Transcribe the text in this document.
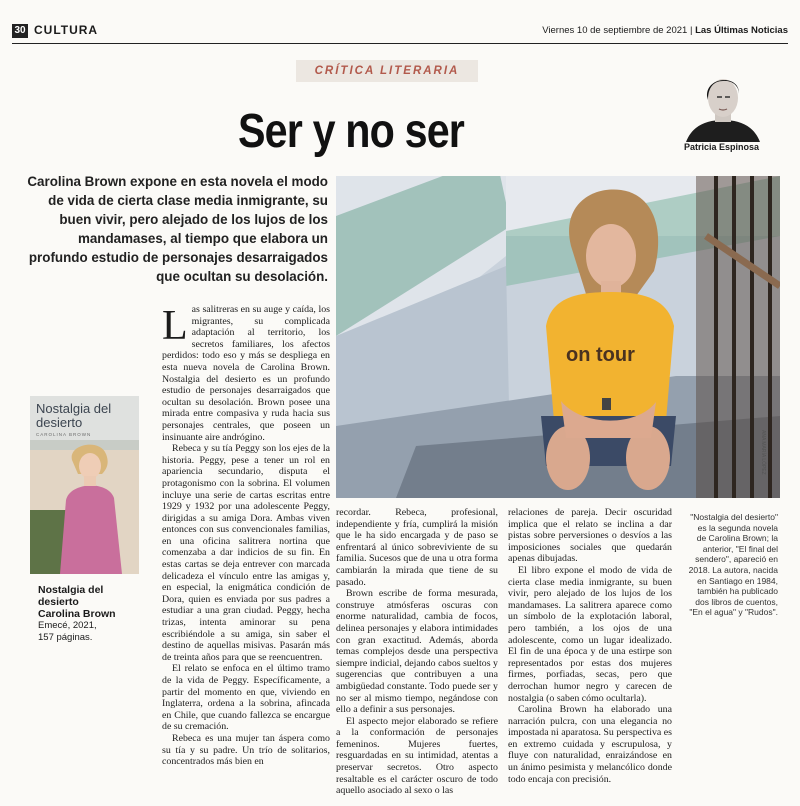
30 CULTURA	Viernes 10 de septiembre de 2021 | Las Últimas Noticias
CRÍTICA LITERARIA
Ser y no ser	Patricia Espinosa
Carolina Brown expone en esta novela el modo de vida de cierta clase media inmigrante, su buen vivir, pero alejado de los lujos de los mandamases, al tiempo que elabora un profundo estudio de personajes desarraigados que ocultan su desolación.
on tour
ANA MARÍA LÓPEZ
Nostalgia del desierto
CAROLINA BROWN
Nostalgia del desierto
Carolina Brown
Emecé, 2021,
157 páginas.

Las salitreras en su auge y caída, los migrantes, su complicada adaptación al territorio, los secretos familiares, los afectos perdidos: todo eso y más se despliega en esta nueva novela de Carolina Brown. Nostalgia del desierto es un profundo estudio de personajes desarraigados que ocultan su desolación. Brown posee una mirada entre compasiva y ruda hacia sus personajes centrales, que poseen un insinuante aire andrógino.

Rebeca y su tía Peggy son los ejes de la historia. Peggy, pese a tener un rol en apariencia secundario, disputa el protagonismo con la sobrina. El volumen incluye una serie de cartas escritas entre 1929 y 1932 por una adolescente Peggy, dirigidas a su amiga Dora. Ambas viven entonces con sus convencionales familias, en una oficina salitrera nortina que comenzaba a dar indicios de su fin. En estas cartas se deja entrever con marcada delicadeza el vínculo entre las amigas y, en especial, la enigmática condición de Dora, quien es enviada por sus padres a estudiar a una gran ciudad. Peggy, hecha trizas, intenta aminorar su pena escribiéndole a su amiga, sin saber el destino de aquellas misivas. Pasarán más de treinta años para que se reencuentren.

El relato se enfoca en el último tramo de la vida de Peggy. Específicamente, a partir del momento en que, viviendo en Inglaterra, ordena a la sobrina, afincada en Chile, que cuando fallezca se encargue de su cremación.

Rebeca es una mujer tan áspera como su tía y su padre. Un trío de solitarios, concentrados más bien en

recordar. Rebeca, profesional, independiente y fría, cumplirá la misión que le ha sido encargada y de paso se enfrentará al único sobreviviente de su familia. Sucesos que de una u otra forma cambiarán la mirada que tiene de su pasado.

Brown escribe de forma mesurada, construye atmósferas oscuras con enorme naturalidad, cambia de focos, delinea personajes y elabora intimidades con gran exactitud. Además, aborda temas complejos desde una perspectiva siempre indicial, dejando cabos sueltos y sugerencias que contribuyen a una ambigüedad constante. Todo puede ser y no ser al mismo tiempo, negándose con ello a definir a sus personajes.

El aspecto mejor elaborado se refiere a la conformación de personajes femeninos. Mujeres fuertes, resguardadas en su intimidad, atentas a preservar secretos. Otro aspecto resaltable es el carácter oscuro de todo aquello asociado al sexo o las

relaciones de pareja. Decir oscuridad implica que el relato se inclina a dar pistas sobre perversiones o desvíos a las imposiciones sociales que quedarán apenas dibujadas.

El libro expone el modo de vida de cierta clase media inmigrante, su buen vivir, pero alejado de los lujos de los mandamases. La salitrera aparece como un símbolo de la explotación laboral, pero también, a los ojos de una adolescente, como un lugar idealizado. El fin de una época y de una estirpe son representados por estas dos mujeres firmes, porfiadas, secas, pero que derrochan humor negro y carecen de nostalgia (o saben cómo ocultarla).

Carolina Brown ha elaborado una narración pulcra, con una elegancia no impostada ni aparatosa. Su perspectiva es en extremo cuidada y escrupulosa, y fluye con naturalidad, enraizándose en un ánimo pesimista y melancólico donde todo encaja con precisión.

"Nostalgia del desierto" es la segunda novela de Carolina Brown; la anterior, "El final del sendero", apareció en 2018. La autora, nacida en Santiago en 1984, también ha publicado dos libros de cuentos, "En el agua" y "Rudos".
